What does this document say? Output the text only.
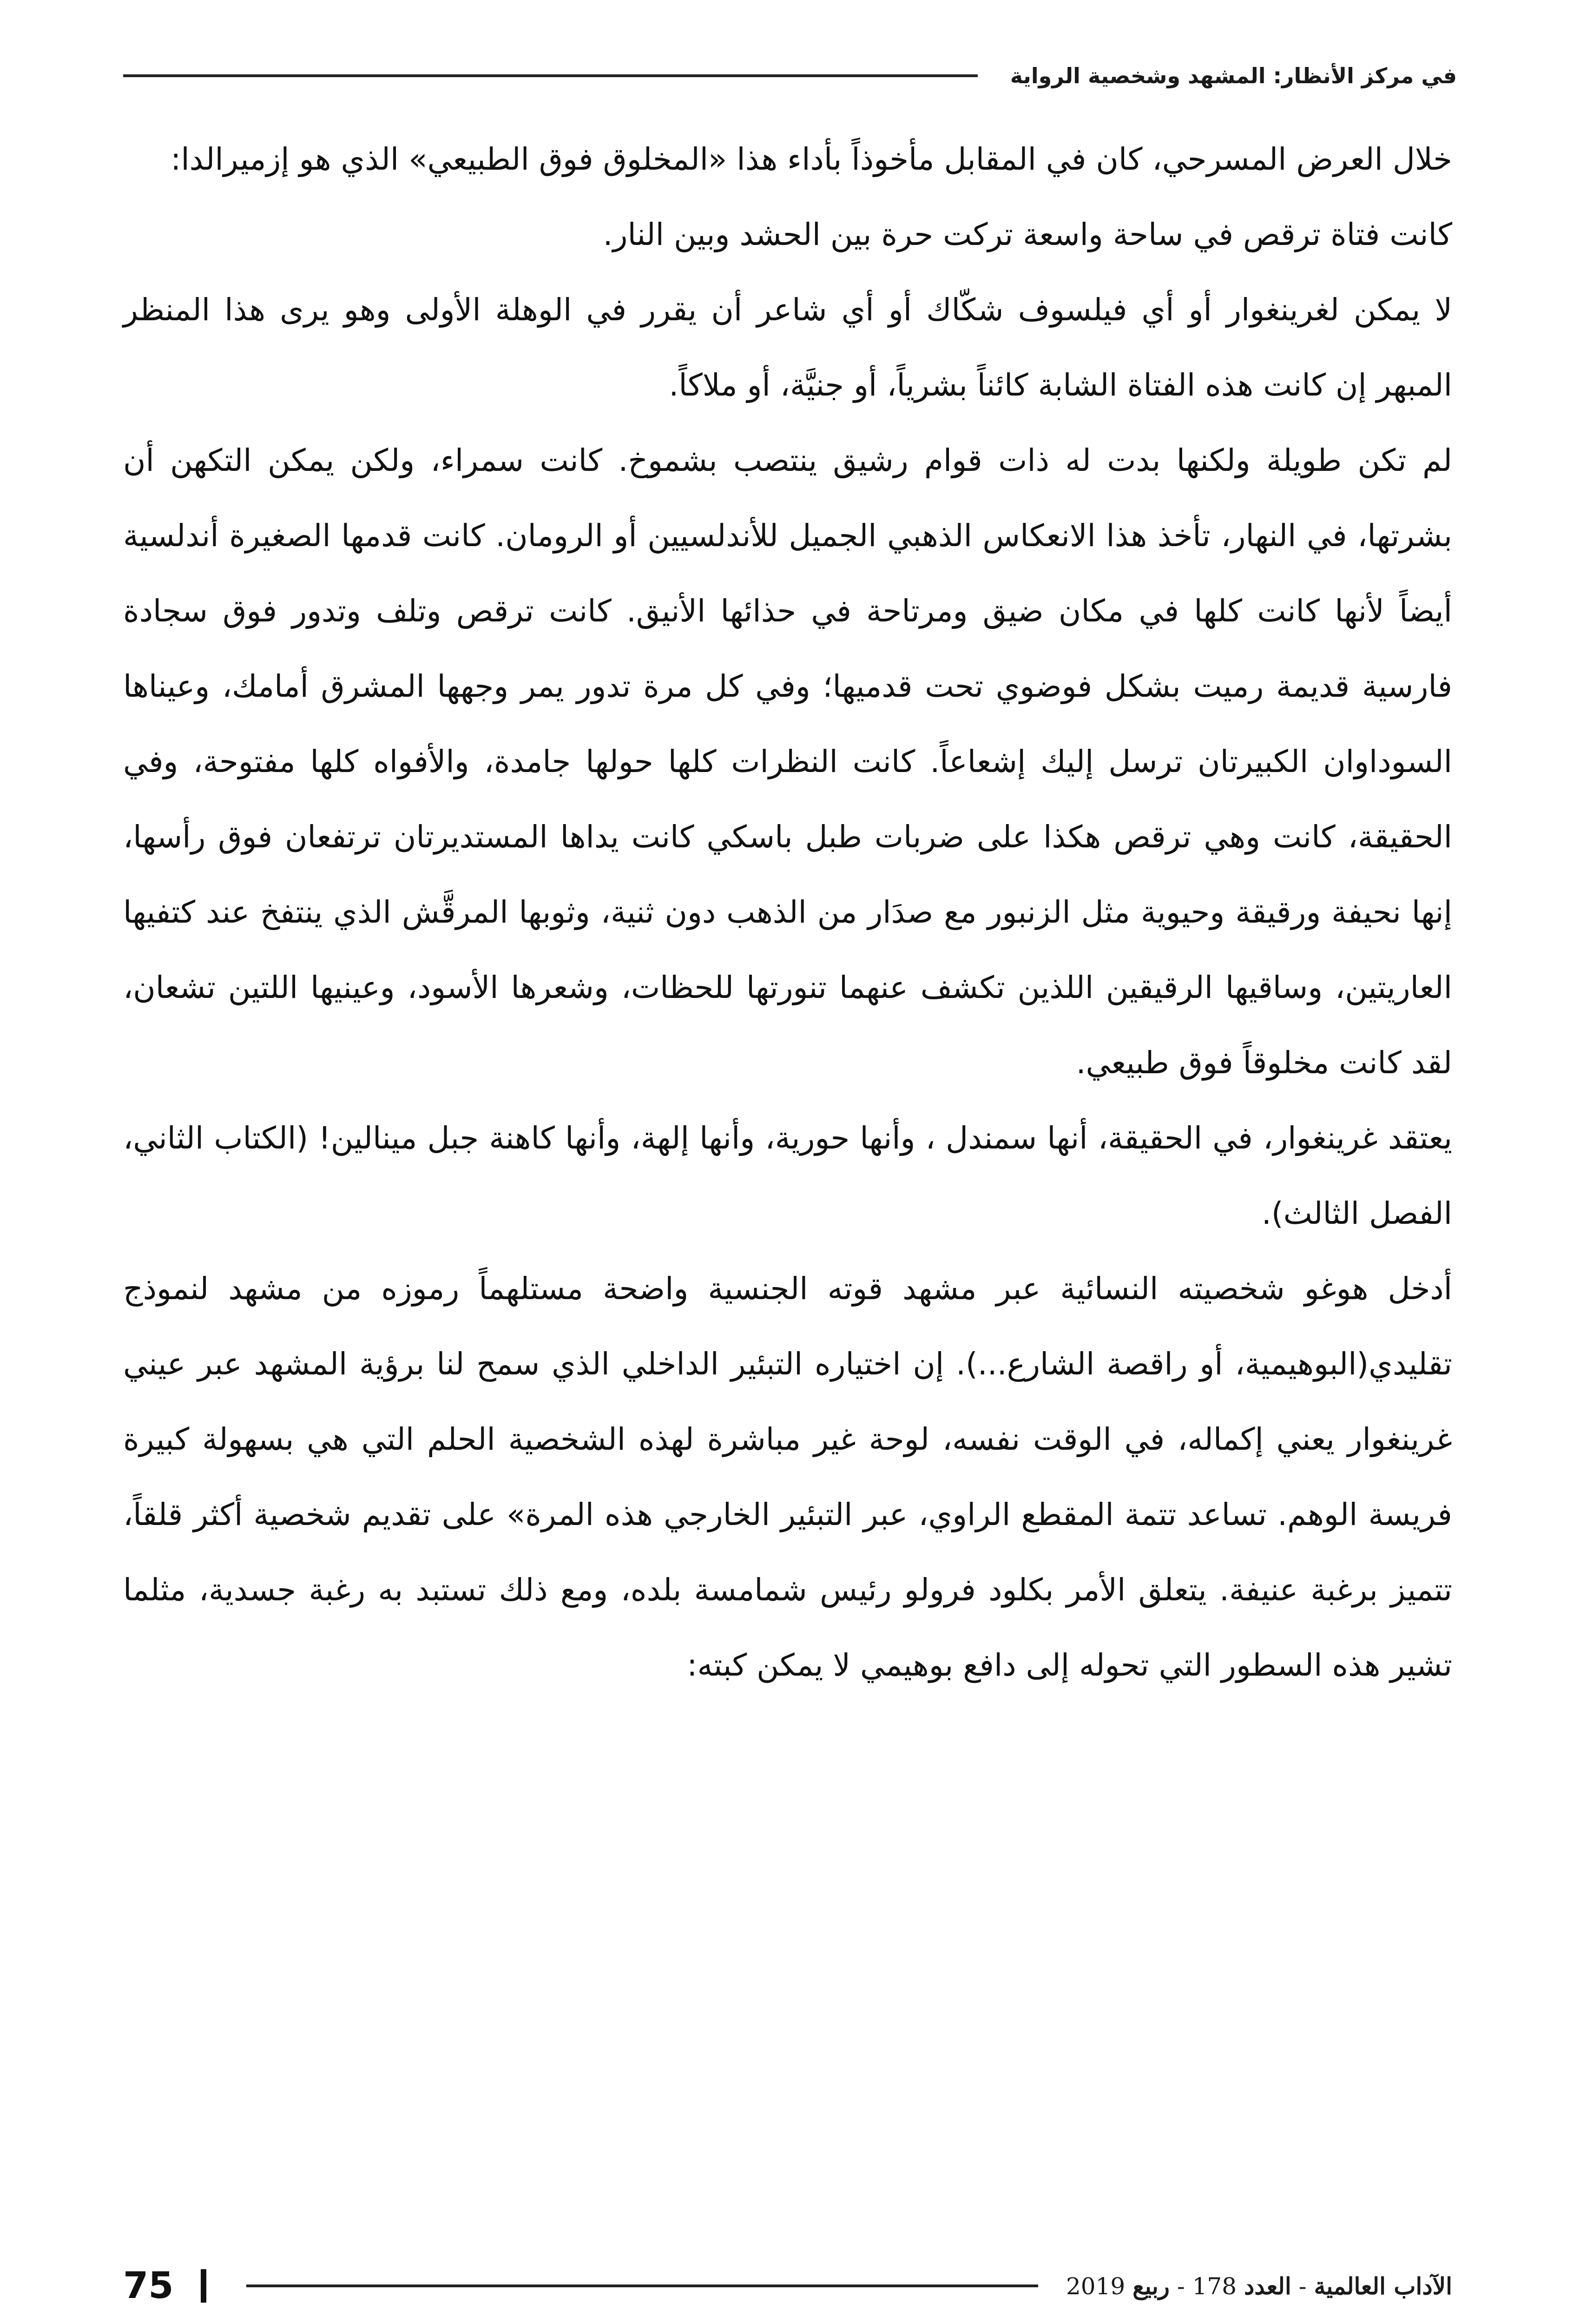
في مركز الأنظار: المشهد وشخصية الرواية

خلال العرض المسرحي، كان في المقابل مأخوذاً بأداء هذا «المخلوق فوق الطبيعي» الذي هو إزميرالدا:

كانت فتاة ترقص في ساحة واسعة تركت حرة بين الحشد وبين النار.

لا يمكن لغرينغوار أو أي فيلسوف شكّاك أو أي شاعر أن يقرر في الوهلة الأولى وهو يرى هذا المنظر المبهر إن كانت هذه الفتاة الشابة كائناً بشرياً، أو جنيَّة، أو ملاكاً.

لم تكن طويلة ولكنها بدت له ذات قوام رشيق ينتصب بشموخ. كانت سمراء، ولكن يمكن التكهن أن بشرتها، في النهار، تأخذ هذا الانعكاس الذهبي الجميل للأندلسيين أو الرومان. كانت قدمها الصغيرة أندلسية أيضاً لأنها كانت كلها في مكان ضيق ومرتاحة في حذائها الأنيق. كانت ترقص وتلف وتدور فوق سجادة فارسية قديمة رميت بشكل فوضوي تحت قدميها؛ وفي كل مرة تدور يمر وجهها المشرق أمامك، وعيناها السوداوان الكبيرتان ترسل إليك إشعاعاً. كانت النظرات كلها حولها جامدة، والأفواه كلها مفتوحة، وفي الحقيقة، كانت وهي ترقص هكذا على ضربات طبل باسكي كانت يداها المستديرتان ترتفعان فوق رأسها، إنها نحيفة ورقيقة وحيوية مثل الزنبور مع صدَار من الذهب دون ثنية، وثوبها المرقَّش الذي ينتفخ عند كتفيها العاريتين، وساقيها الرقيقين اللذين تكشف عنهما تنورتها للحظات، وشعرها الأسود، وعينيها اللتين تشعان، لقد كانت مخلوقاً فوق طبيعي.

يعتقد غرينغوار، في الحقيقة، أنها سمندل ، وأنها حورية، وأنها إلهة، وأنها كاهنة جبل مينالين! (الكتاب الثاني، الفصل الثالث).

أدخل هوغو شخصيته النسائية عبر مشهد قوته الجنسية واضحة مستلهماً رموزه من مشهد لنموذج تقليدي(البوهيمية، أو راقصة الشارع...). إن اختياره التبئير الداخلي الذي سمح لنا برؤية المشهد عبر عيني غرينغوار يعني إكماله، في الوقت نفسه، لوحة غير مباشرة لهذه الشخصية الحلم التي هي بسهولة كبيرة فريسة الوهم. تساعد تتمة المقطع الراوي، عبر التبئير الخارجي هذه المرة» على تقديم شخصية أكثر قلقاً، تتميز برغبة عنيفة. يتعلق الأمر بكلود فرولو رئيس شمامسة بلده، ومع ذلك تستبد به رغبة جسدية، مثلما تشير هذه السطور التي تحوله إلى دافع بوهيمي لا يمكن كبته:

75	الآداب العالمية - العدد 178 - ربيع 2019
